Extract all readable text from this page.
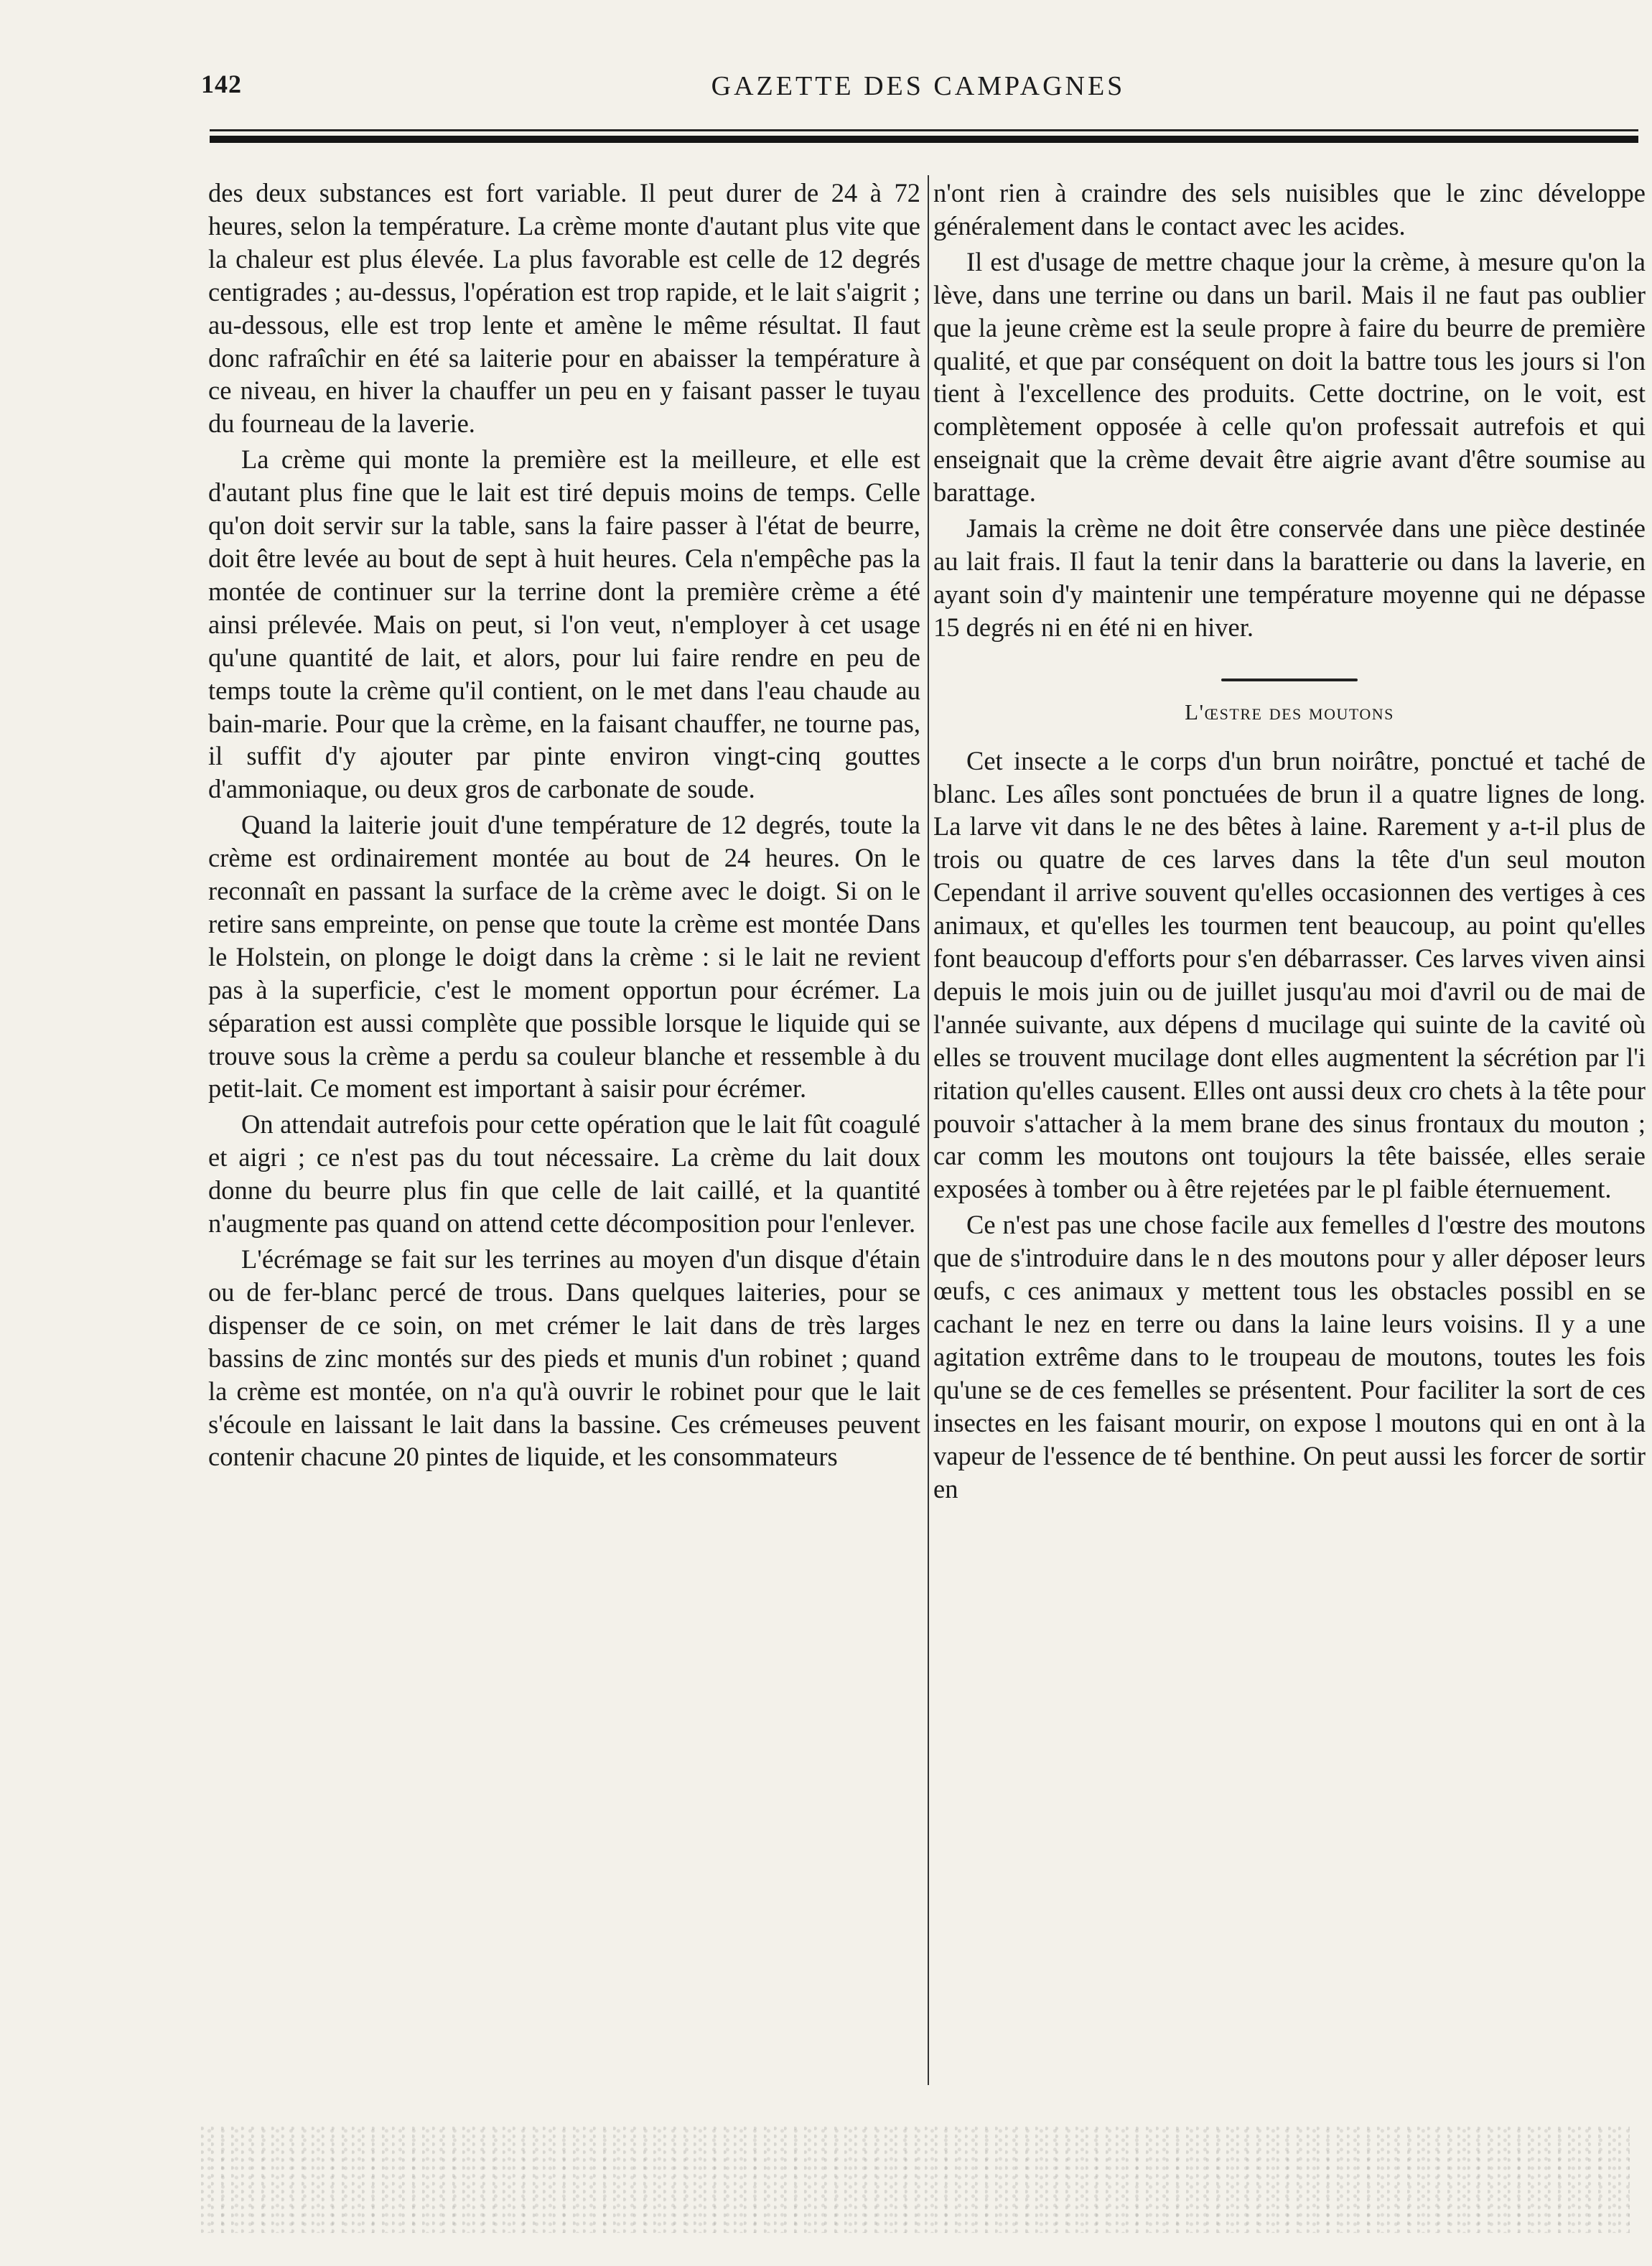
142	GAZETTE DES CAMPAGNES

des deux substances est fort variable. Il peut durer de 24 à 72 heures, selon la température. La crème monte d'autant plus vite que la chaleur est plus élevée. La plus favorable est celle de 12 degrés centigrades ; au-dessus, l'opération est trop rapide, et le lait s'aigrit ; au-dessous, elle est trop lente et amène le même résultat. Il faut donc rafraîchir en été sa laiterie pour en abaisser la température à ce niveau, en hiver la chauffer un peu en y faisant passer le tuyau du fourneau de la laverie.

La crème qui monte la première est la meilleure, et elle est d'autant plus fine que le lait est tiré depuis moins de temps. Celle qu'on doit servir sur la table, sans la faire passer à l'état de beurre, doit être levée au bout de sept à huit heures. Cela n'empêche pas la montée de continuer sur la terrine dont la première crème a été ainsi prélevée. Mais on peut, si l'on veut, n'employer à cet usage qu'une quantité de lait, et alors, pour lui faire rendre en peu de temps toute la crème qu'il contient, on le met dans l'eau chaude au bain-marie. Pour que la crème, en la faisant chauffer, ne tourne pas, il suffit d'y ajouter par pinte environ vingt-cinq gouttes d'ammoniaque, ou deux gros de carbonate de soude.

Quand la laiterie jouit d'une température de 12 degrés, toute la crème est ordinairement montée au bout de 24 heures. On le reconnaît en passant la surface de la crème avec le doigt. Si on le retire sans empreinte, on pense que toute la crème est montée Dans le Holstein, on plonge le doigt dans la crème : si le lait ne revient pas à la superficie, c'est le moment opportun pour écrémer. La séparation est aussi complète que possible lorsque le liquide qui se trouve sous la crème a perdu sa couleur blanche et ressemble à du petit-lait. Ce moment est important à saisir pour écrémer.

On attendait autrefois pour cette opération que le lait fût coagulé et aigri ; ce n'est pas du tout nécessaire. La crème du lait doux donne du beurre plus fin que celle de lait caillé, et la quantité n'augmente pas quand on attend cette décomposition pour l'enlever.

L'écrémage se fait sur les terrines au moyen d'un disque d'étain ou de fer-blanc percé de trous. Dans quelques laiteries, pour se dispenser de ce soin, on met crémer le lait dans de très larges bassins de zinc montés sur des pieds et munis d'un robinet ; quand la crème est montée, on n'a qu'à ouvrir le robinet pour que le lait s'écoule en laissant le lait dans la bassine. Ces crémeuses peuvent contenir chacune 20 pintes de liquide, et les consommateurs

n'ont rien à craindre des sels nuisibles que le zinc développe généralement dans le contact avec les acides.

Il est d'usage de mettre chaque jour la crème, à mesure qu'on la lève, dans une terrine ou dans un baril. Mais il ne faut pas oublier que la jeune crème est la seule propre à faire du beurre de première qualité, et que par conséquent on doit la battre tous les jours si l'on tient à l'excellence des produits. Cette doctrine, on le voit, est complètement opposée à celle qu'on professait autrefois et qui enseignait que la crème devait être aigrie avant d'être soumise au barattage.

Jamais la crème ne doit être conservée dans une pièce destinée au lait frais. Il faut la tenir dans la baratterie ou dans la laverie, en ayant soin d'y maintenir une température moyenne qui ne dépasse 15 degrés ni en été ni en hiver.

L'œstre des moutons

Cet insecte a le corps d'un brun noirâtre, ponctué et taché de blanc. Les aîles sont ponctuées de brun il a quatre lignes de long. La larve vit dans le ne des bêtes à laine. Rarement y a-t-il plus de trois ou quatre de ces larves dans la tête d'un seul mouton Cependant il arrive souvent qu'elles occasionnen des vertiges à ces animaux, et qu'elles les tourmen tent beaucoup, au point qu'elles font beaucoup d'efforts pour s'en débarrasser. Ces larves viven ainsi depuis le mois juin ou de juillet jusqu'au moi d'avril ou de mai de l'année suivante, aux dépens d mucilage qui suinte de la cavité où elles se trouvent mucilage dont elles augmentent la sécrétion par l'i ritation qu'elles causent. Elles ont aussi deux cro chets à la tête pour pouvoir s'attacher à la mem brane des sinus frontaux du mouton ; car comm les moutons ont toujours la tête baissée, elles seraie exposées à tomber ou à être rejetées par le pl faible éternuement.

Ce n'est pas une chose facile aux femelles d l'œstre des moutons que de s'introduire dans le n des moutons pour y aller déposer leurs œufs, c ces animaux y mettent tous les obstacles possibl en se cachant le nez en terre ou dans la laine leurs voisins. Il y a une agitation extrême dans to le troupeau de moutons, toutes les fois qu'une se de ces femelles se présentent. Pour faciliter la sort de ces insectes en les faisant mourir, on expose l moutons qui en ont à la vapeur de l'essence de té benthine. On peut aussi les forcer de sortir en
